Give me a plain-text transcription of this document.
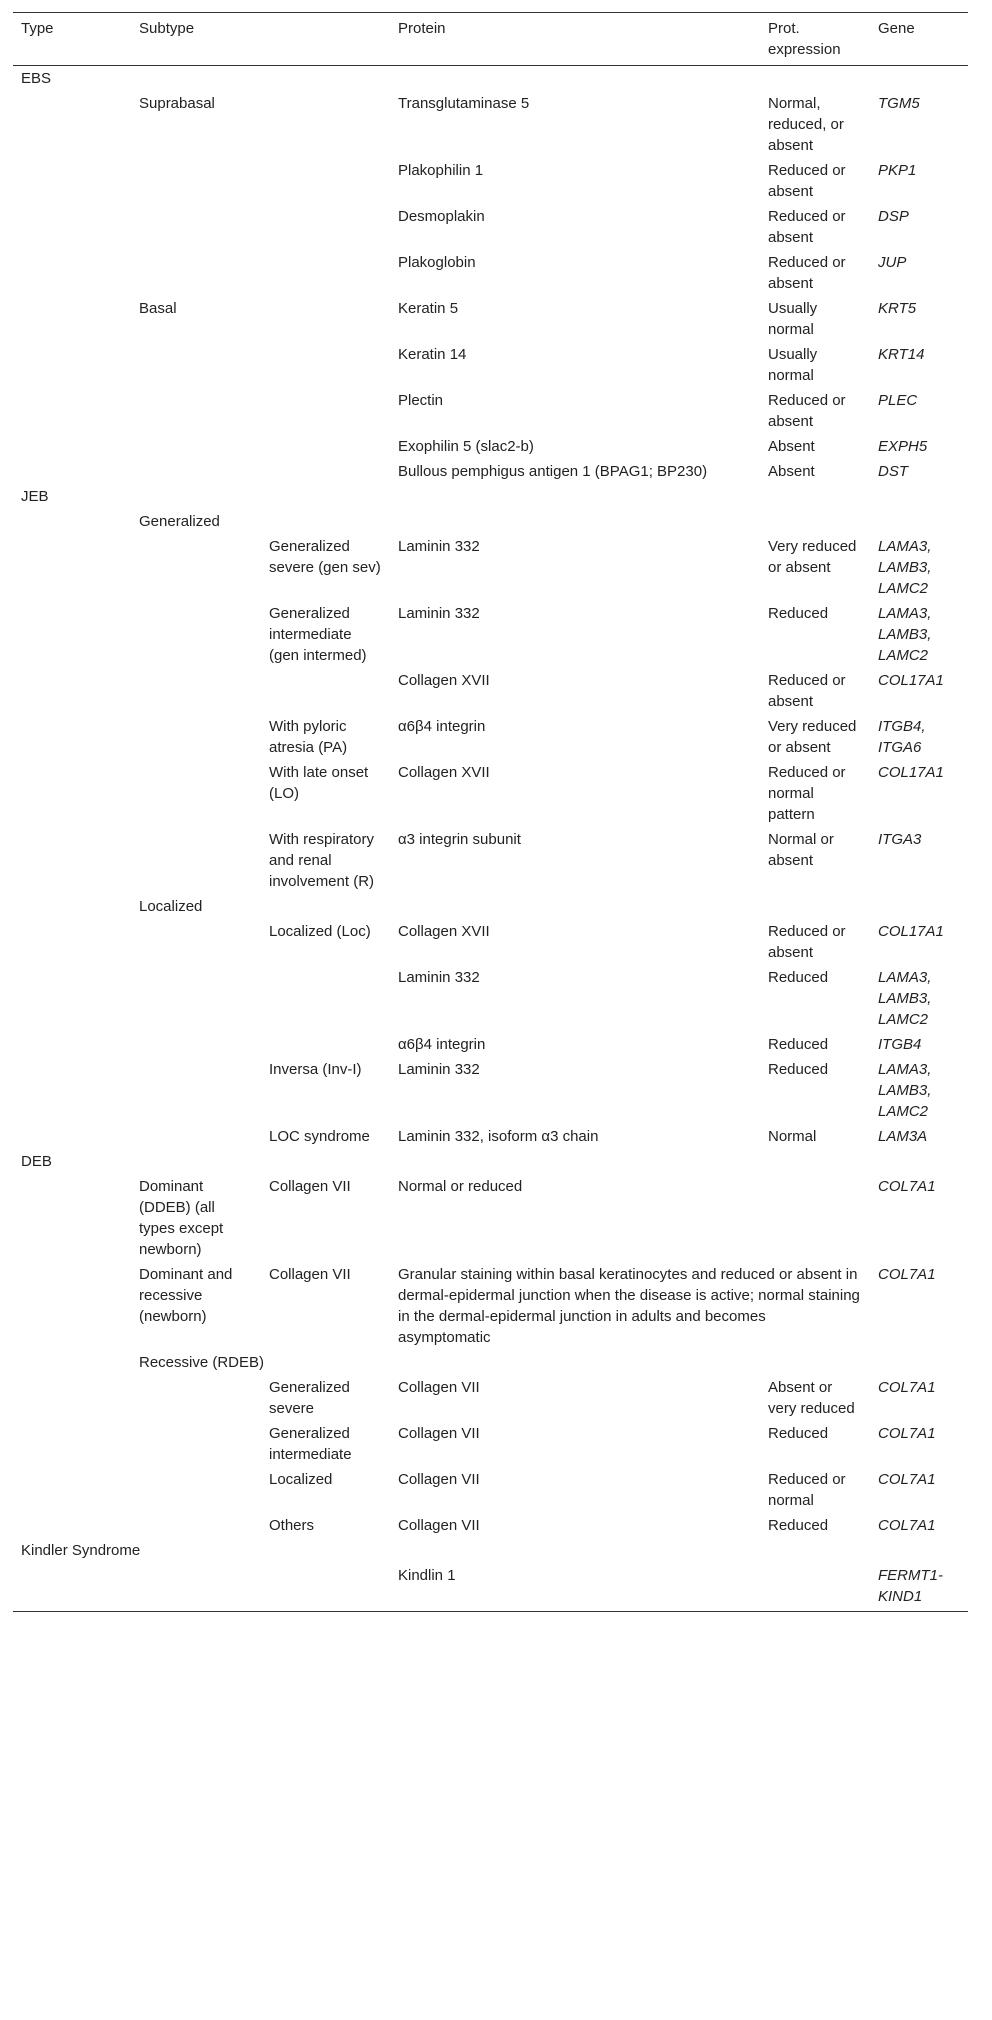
Type	Subtype		Protein	Prot. expression	Gene	
EBS						
	Suprabasal		Transglutaminase 5	Normal, reduced, or absent	TGM5	
			Plakophilin 1	Reduced or absent	PKP1	
			Desmoplakin	Reduced or absent	DSP	
			Plakoglobin	Reduced or absent	JUP	
	Basal		Keratin 5	Usually normal	KRT5	
			Keratin 14	Usually normal	KRT14	
			Plectin	Reduced or absent	PLEC	
			Exophilin 5 (slac2-b)	Absent	EXPH5	
			Bullous pemphigus antigen 1 (BPAG1; BP230)	Absent	DST	
JEB						
	Generalized					
		Generalized severe (gen sev)	Laminin 332	Very reduced or absent	LAMA3, LAMB3, LAMC2	
		Generalized intermediate (gen intermed)	Laminin 332	Reduced	LAMA3, LAMB3, LAMC2	
			Collagen XVII	Reduced or absent	COL17A1	
		With pyloric atresia (PA)	α6β4 integrin	Very reduced or absent	ITGB4, ITGA6	
		With late onset (LO)	Collagen XVII	Reduced or normal pattern	COL17A1	
		With respiratory and renal involvement (R)	α3 integrin subunit	Normal or absent	ITGA3	
	Localized					
		Localized (Loc)	Collagen XVII	Reduced or absent	COL17A1	
			Laminin 332	Reduced	LAMA3, LAMB3, LAMC2	
			α6β4 integrin	Reduced	ITGB4	
		Inversa (Inv-I)	Laminin 332	Reduced	LAMA3, LAMB3, LAMC2	
		LOC syndrome	Laminin 332, isoform α3 chain	Normal	LAM3A	
DEB						
	Dominant (DDEB) (all types except newborn)	Collagen VII	Normal or reduced		COL7A1	
	Dominant and recessive (newborn)	Collagen VII	Granular staining within basal keratinocytes and reduced or absent in dermal-epidermal junction when the disease is active; normal staining in the dermal-epidermal junction in adults and becomes asymptomatic		COL7A1	
	Recessive (RDEB)					
		Generalized severe	Collagen VII	Absent or very reduced	COL7A1	
		Generalized intermediate	Collagen VII	Reduced	COL7A1	
		Localized	Collagen VII	Reduced or normal	COL7A1	
		Others	Collagen VII	Reduced	COL7A1	
Kindler Syndrome						
			Kindlin 1		FERMT1-KIND1	
